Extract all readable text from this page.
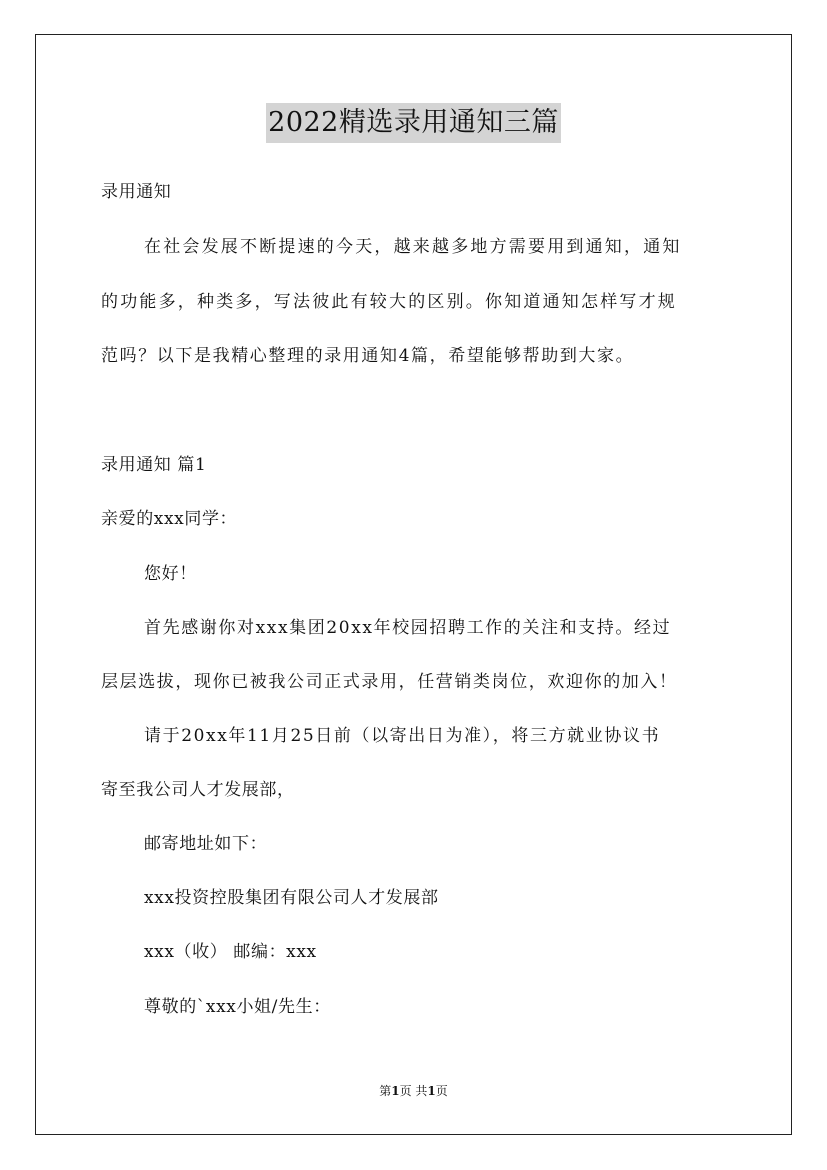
2022精选录用通知三篇

录用通知

在社会发展不断提速的今天，越来越多地方需要用到通知，通知

的功能多，种类多，写法彼此有较大的区别。你知道通知怎样写才规

范吗？以下是我精心整理的录用通知4篇，希望能够帮助到大家。

录用通知 篇1

亲爱的xxx同学：

您好！

首先感谢你对xxx集团20xx年校园招聘工作的关注和支持。经过

层层选拔，现你已被我公司正式录用，任营销类岗位，欢迎你的加入！

请于20xx年11月25日前（以寄出日为准），将三方就业协议书

寄至我公司人才发展部，

邮寄地址如下：

xxx投资控股集团有限公司人才发展部

xxx（收） 邮编：xxx

尊敬的`xxx小姐/先生：

第1页 共1页
